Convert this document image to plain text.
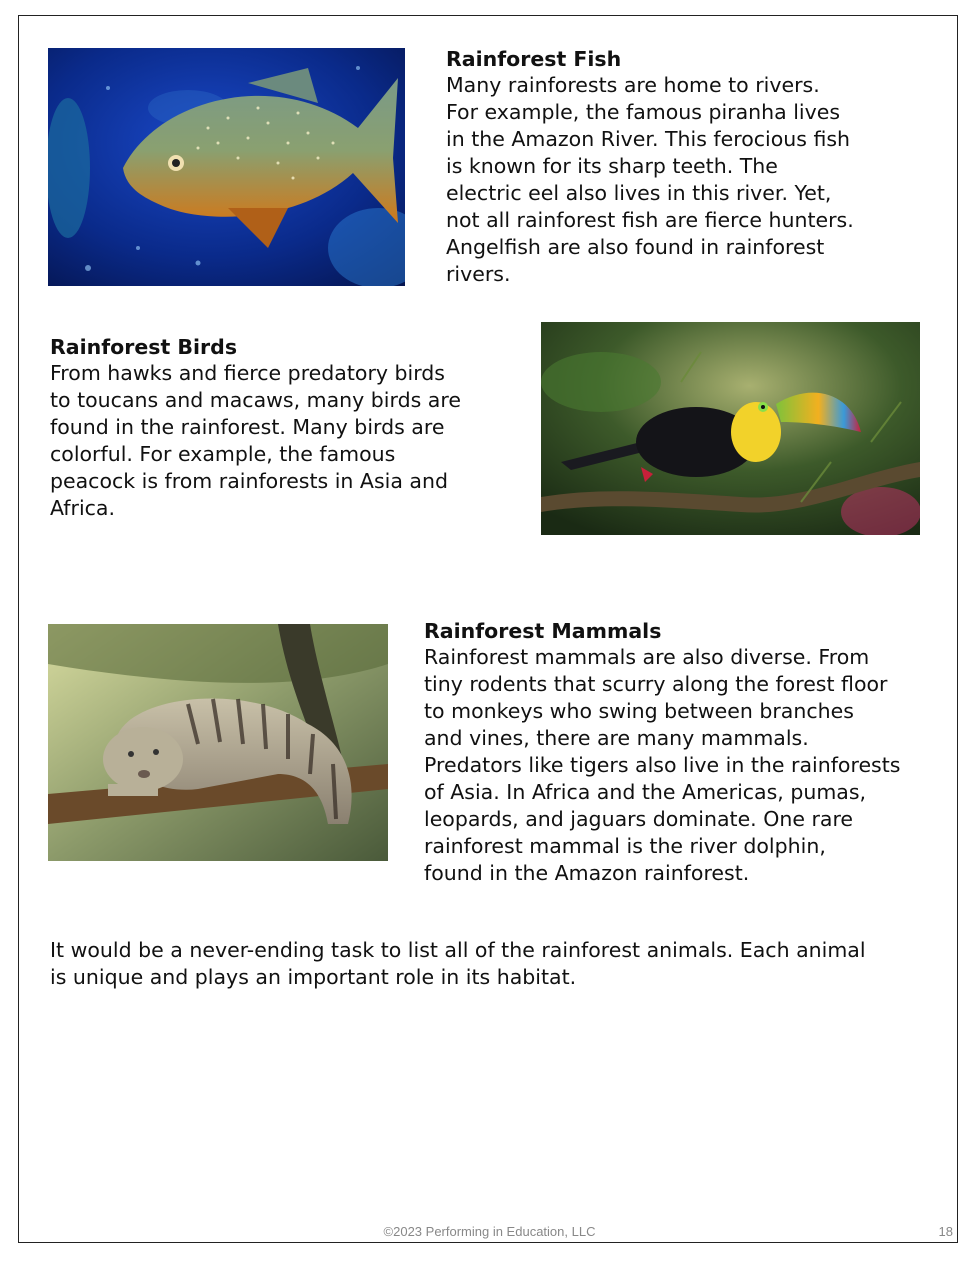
Rainforest Fish
Many rainforests are home to rivers.
For example, the famous piranha lives
in the Amazon River. This ferocious fish
is known for its sharp teeth. The
electric eel also lives in this river. Yet,
not all rainforest fish are fierce hunters.
Angelfish are also found in rainforest
rivers.
Rainforest Birds
From hawks and fierce predatory birds
to toucans and macaws, many birds are
found in the rainforest. Many birds are
colorful. For example, the famous
peacock is from rainforests in Asia and
Africa.
Rainforest Mammals
Rainforest mammals are also diverse. From
tiny rodents that scurry along the forest floor
to monkeys who swing between branches
and vines, there are many mammals.
Predators like tigers also live in the rainforests
of Asia. In Africa and the Americas, pumas,
leopards, and jaguars dominate. One rare
rainforest mammal is the river dolphin,
found in the Amazon rainforest.
It would be a never-ending task to list all of the rainforest animals. Each animal
is unique and plays an important role in its habitat.
©2023 Performing in Education, LLC	18
